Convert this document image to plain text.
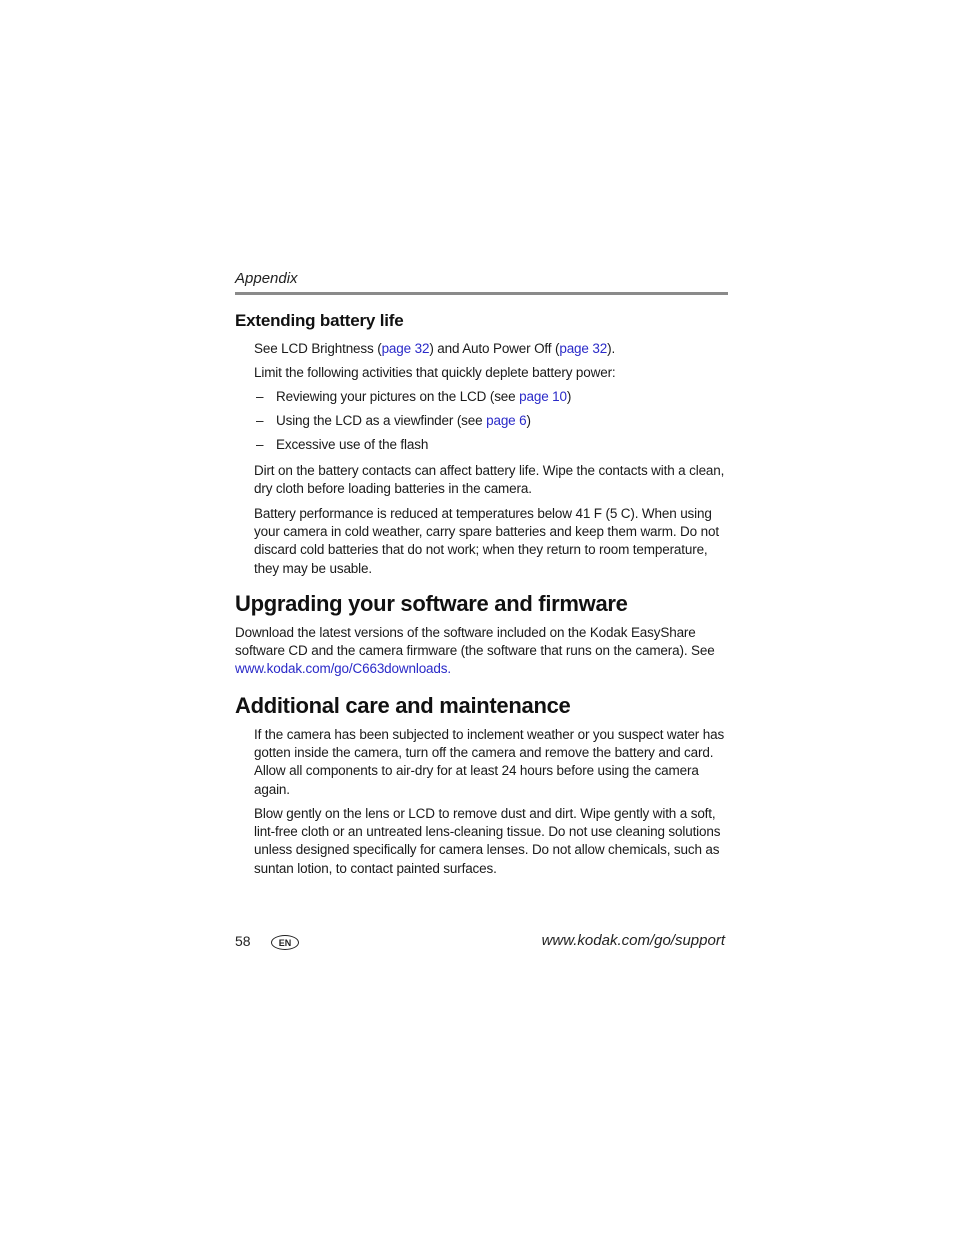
Appendix
Extending battery life
See LCD Brightness (page 32) and Auto Power Off (page 32).
Limit the following activities that quickly deplete battery power:
– Reviewing your pictures on the LCD (see page 10)
– Using the LCD as a viewfinder (see page 6)
– Excessive use of the flash
Dirt on the battery contacts can affect battery life. Wipe the contacts with a clean, dry cloth before loading batteries in the camera.
Battery performance is reduced at temperatures below 41 F (5 C). When using your camera in cold weather, carry spare batteries and keep them warm. Do not discard cold batteries that do not work; when they return to room temperature, they may be usable.
Upgrading your software and firmware
Download the latest versions of the software included on the Kodak EasyShare software CD and the camera firmware (the software that runs on the camera). See www.kodak.com/go/C663downloads.
Additional care and maintenance
If the camera has been subjected to inclement weather or you suspect water has gotten inside the camera, turn off the camera and remove the battery and card. Allow all components to air-dry for at least 24 hours before using the camera again.
Blow gently on the lens or LCD to remove dust and dirt. Wipe gently with a soft, lint-free cloth or an untreated lens-cleaning tissue. Do not use cleaning solutions unless designed specifically for camera lenses. Do not allow chemicals, such as suntan lotion, to contact painted surfaces.
58	EN	www.kodak.com/go/support
